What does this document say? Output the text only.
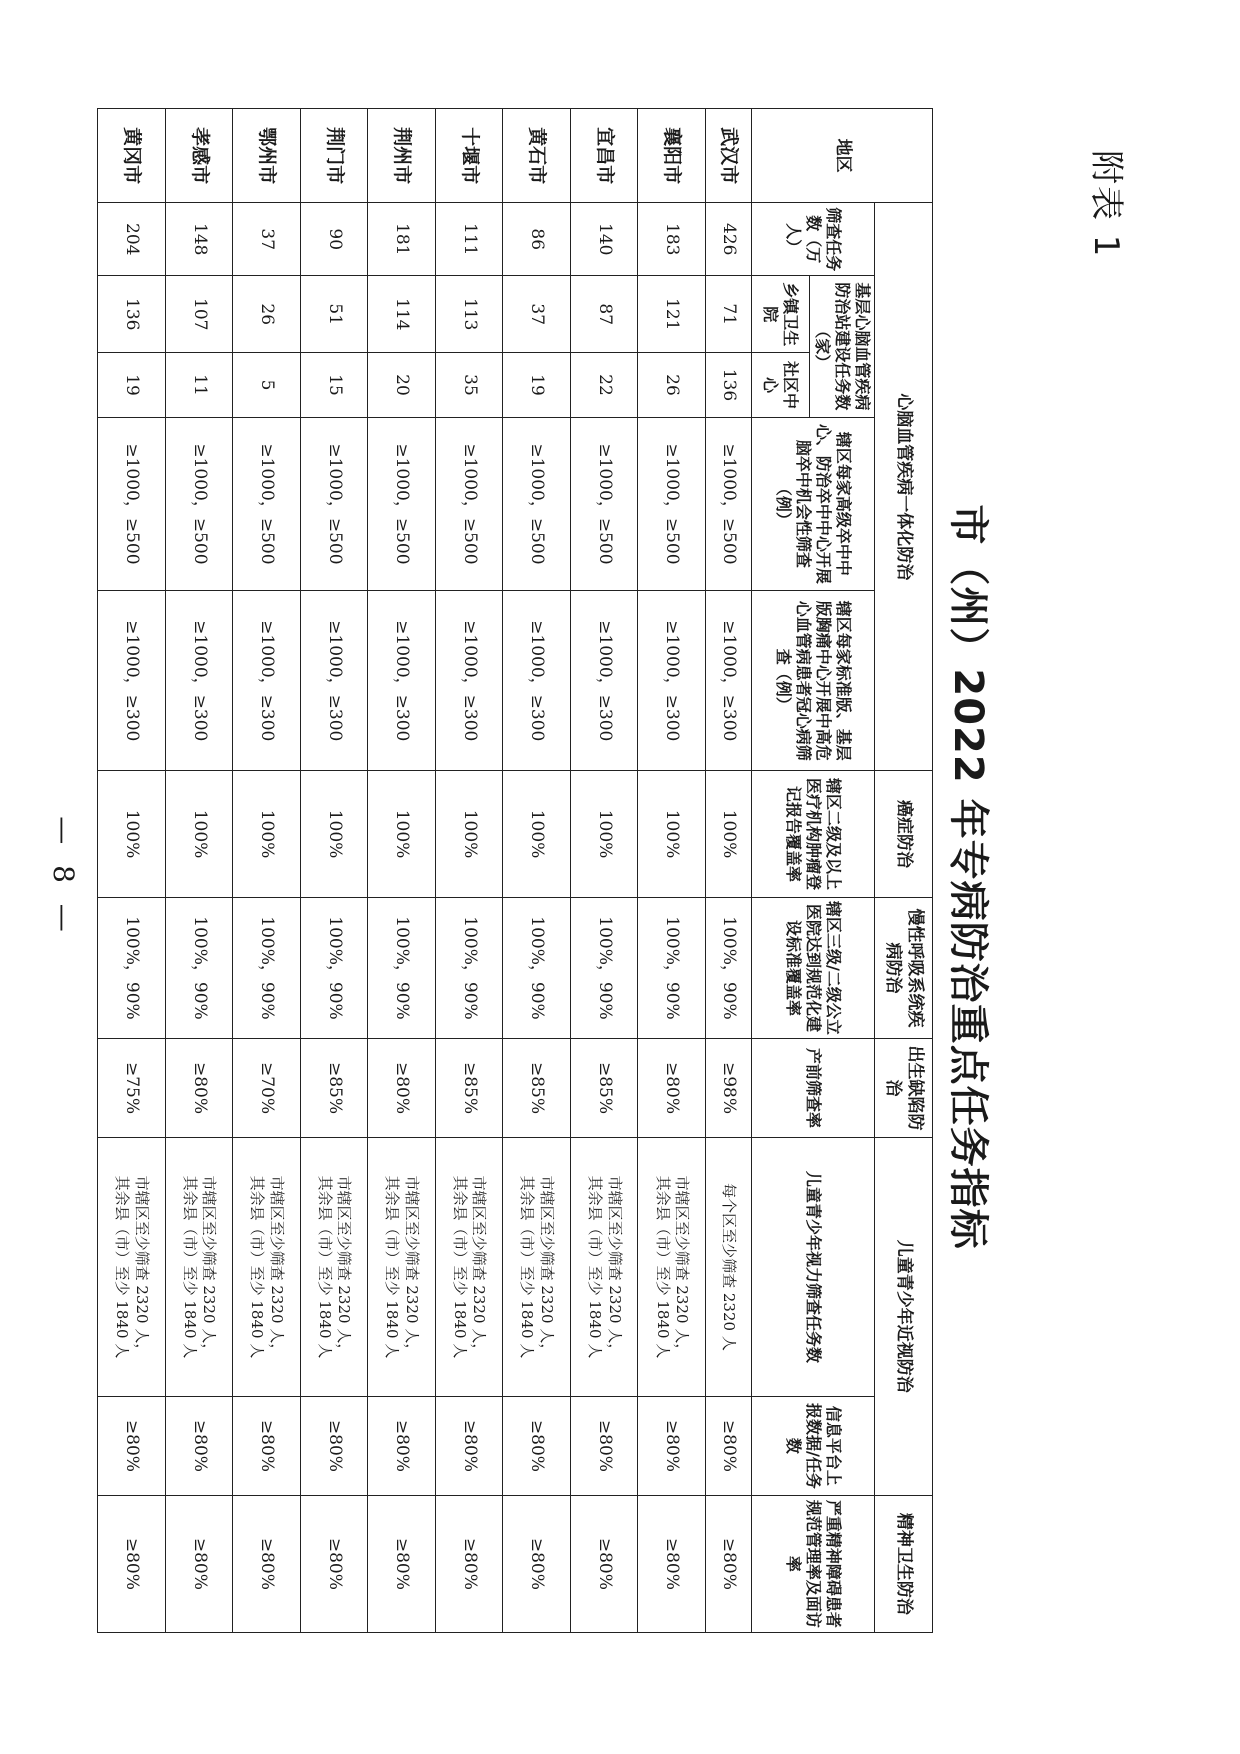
附表 1
市（州）2022 年专病防治重点任务指标
地区	心脑血管疾病一体化防治					癌症防治	慢性呼吸系统疾病防治	出生缺陷防治	儿童青少年近视防治		精神卫生防治
	筛查任务数（万人）	基层心脑血管疾病防治站建设任务数（家）		辖区每家高级卒中中心、防治卒中中心开展脑卒中机会性筛查（例）	辖区每家标准版、基层版胸痛中心开展中高危心血管病患者冠心病筛查（例）	辖区二级及以上医疗机构肿瘤登记报告覆盖率	辖区三级/二级公立医院达到规范化建设标准覆盖率	产前筛查率	儿童青少年视力筛查任务数	信息平台上报数据/任务数	严重精神障碍患者规范管理率及面访率
		乡镇卫生院	社区中心								
武汉市	426	71	136	≥1000，≥500	≥1000，≥300	100%	100%，90%	≥98%	每个区至少筛查 2320 人	≥80%	≥80%
襄阳市	183	121	26	≥1000，≥500	≥1000，≥300	100%	100%，90%	≥80%	市辖区至少筛查 2320 人，
其余县（市）至少 1840 人	≥80%	≥80%
宜昌市	140	87	22	≥1000，≥500	≥1000，≥300	100%	100%，90%	≥85%	市辖区至少筛查 2320 人，
其余县（市）至少 1840 人	≥80%	≥80%
黄石市	86	37	19	≥1000，≥500	≥1000，≥300	100%	100%，90%	≥85%	市辖区至少筛查 2320 人，
其余县（市）至少 1840 人	≥80%	≥80%
十堰市	111	113	35	≥1000，≥500	≥1000，≥300	100%	100%，90%	≥85%	市辖区至少筛查 2320 人，
其余县（市）至少 1840 人	≥80%	≥80%
荆州市	181	114	20	≥1000，≥500	≥1000，≥300	100%	100%，90%	≥80%	市辖区至少筛查 2320 人，
其余县（市）至少 1840 人	≥80%	≥80%
荆门市	90	51	15	≥1000，≥500	≥1000，≥300	100%	100%，90%	≥85%	市辖区至少筛查 2320 人，
其余县（市）至少 1840 人	≥80%	≥80%
鄂州市	37	26	5	≥1000，≥500	≥1000，≥300	100%	100%，90%	≥70%	市辖区至少筛查 2320 人，
其余县（市）至少 1840 人	≥80%	≥80%
孝感市	148	107	11	≥1000，≥500	≥1000，≥300	100%	100%，90%	≥80%	市辖区至少筛查 2320 人，
其余县（市）至少 1840 人	≥80%	≥80%
黄冈市	204	136	19	≥1000，≥500	≥1000，≥300	100%	100%，90%	≥75%	市辖区至少筛查 2320 人，
其余县（市）至少 1840 人	≥80%	≥80%
— 8 —
